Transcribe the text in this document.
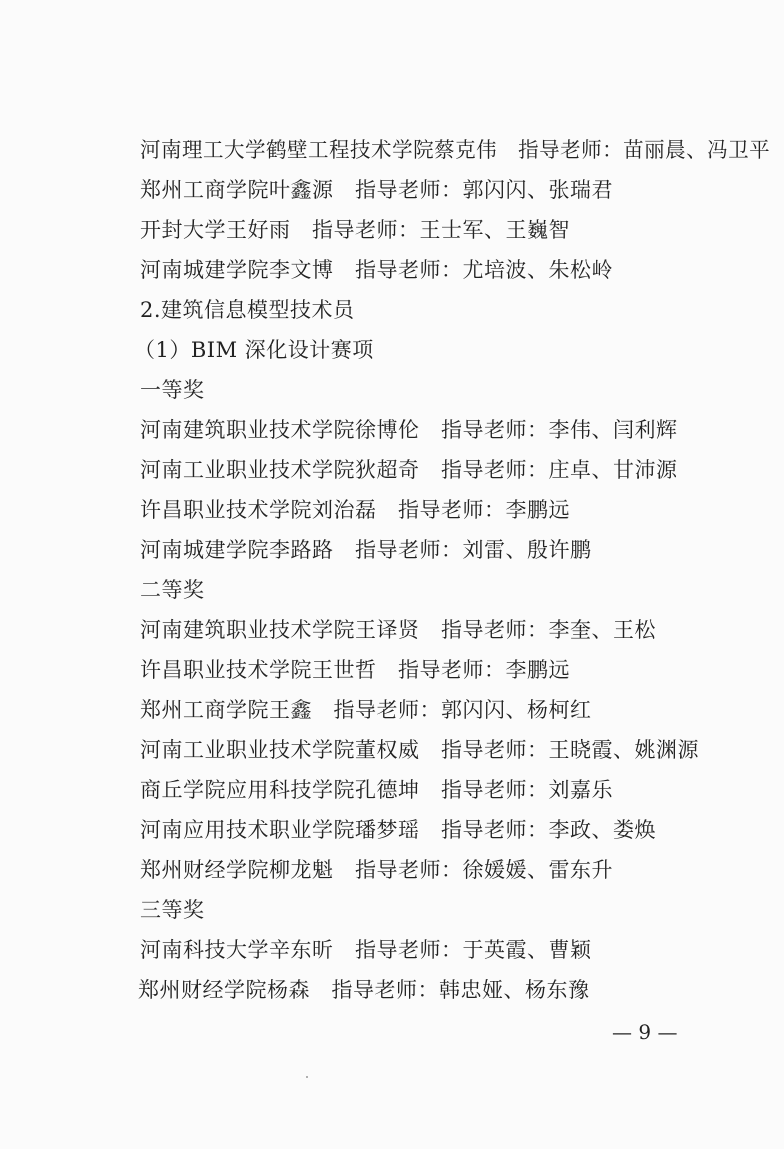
河南理工大学鹤壁工程技术学院蔡克伟　指导老师：苗丽晨、冯卫平
郑州工商学院叶鑫源　指导老师：郭闪闪、张瑞君
开封大学王好雨　指导老师：王士军、王巍智
河南城建学院李文博　指导老师：尤培波、朱松岭
2.建筑信息模型技术员
（1）BIM 深化设计赛项
一等奖
河南建筑职业技术学院徐博伦　指导老师：李伟、闫利辉
河南工业职业技术学院狄超奇　指导老师：庄卓、甘沛源
许昌职业技术学院刘治磊　指导老师：李鹏远
河南城建学院李路路　指导老师：刘雷、殷许鹏
二等奖
河南建筑职业技术学院王译贤　指导老师：李奎、王松
许昌职业技术学院王世哲　指导老师：李鹏远
郑州工商学院王鑫　指导老师：郭闪闪、杨柯红
河南工业职业技术学院董权威　指导老师：王晓霞、姚渊源
商丘学院应用科技学院孔德坤　指导老师：刘嘉乐
河南应用技术职业学院璠梦瑶　指导老师：李政、娄焕
郑州财经学院柳龙魁　指导老师：徐媛媛、雷东升
三等奖
河南科技大学辛东昕　指导老师：于英霞、曹颖
郑州财经学院杨森　指导老师：韩忠娅、杨东豫
— 9 —
